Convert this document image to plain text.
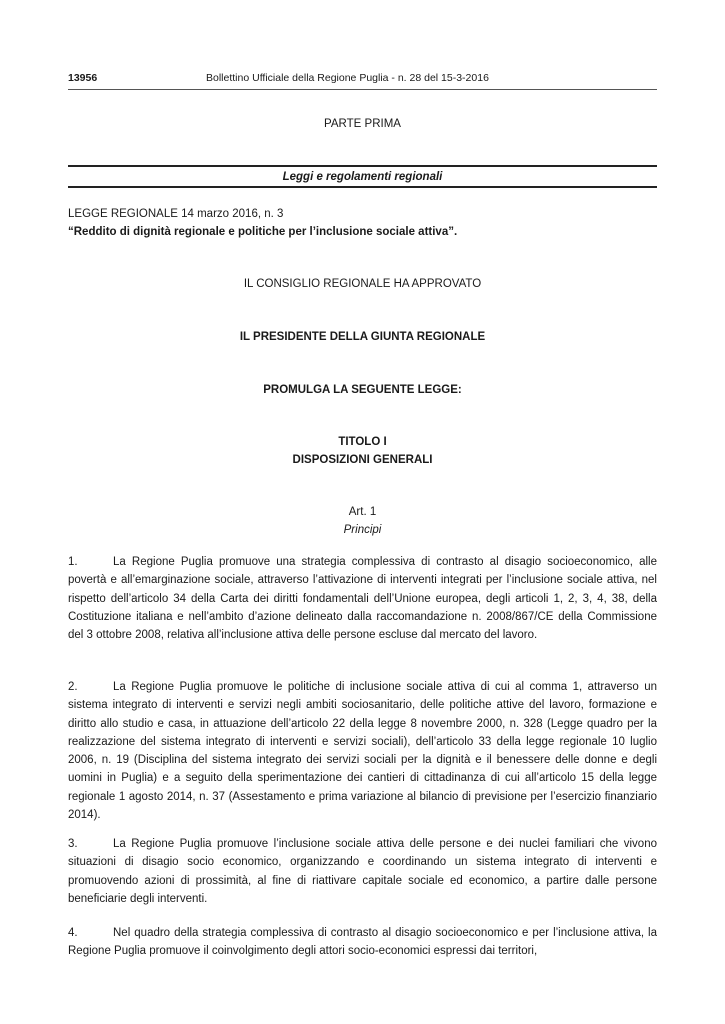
13956	Bollettino Ufficiale della Regione Puglia - n. 28 del 15-3-2016
PARTE PRIMA
Leggi e regolamenti regionali
LEGGE REGIONALE 14 marzo 2016, n. 3
“Reddito di dignità regionale e politiche per l’inclusione sociale attiva”.
IL CONSIGLIO REGIONALE HA APPROVATO
IL PRESIDENTE DELLA GIUNTA REGIONALE
PROMULGA LA SEGUENTE LEGGE:
TITOLO I
DISPOSIZIONI GENERALI
Art. 1
Principi
1.	La Regione Puglia promuove una strategia complessiva di contrasto al disagio socioeconomico, alle povertà e all’emarginazione sociale, attraverso l’attivazione di interventi integrati per l’inclusione sociale attiva, nel rispetto dell’articolo 34 della Carta dei diritti fondamentali dell’Unione europea, degli articoli 1, 2, 3, 4, 38, della Costituzione italiana e nell’ambito d’azione delineato dalla raccomandazione n. 2008/867/CE della Commissione del 3 ottobre 2008, relativa all’inclusione attiva delle persone escluse dal mercato del lavoro.
2.	La Regione Puglia promuove le politiche di inclusione sociale attiva di cui al comma 1, attraverso un sistema integrato di interventi e servizi negli ambiti sociosanitario, delle politiche attive del lavoro, formazione e diritto allo studio e casa, in attuazione dell’articolo 22 della legge 8 novembre 2000, n. 328 (Legge quadro per la realizzazione del sistema integrato di interventi e servizi sociali), dell’articolo 33 della legge regionale 10 luglio 2006, n. 19 (Disciplina del sistema integrato dei servizi sociali per la dignità e il benessere delle donne e degli uomini in Puglia) e a seguito della sperimentazione dei cantieri di cittadinanza di cui all’articolo 15 della legge regionale 1 agosto 2014, n. 37 (Assestamento e prima variazione al bilancio di previsione per l’esercizio finanziario 2014).
3.	La Regione Puglia promuove l’inclusione sociale attiva delle persone e dei nuclei familiari che vivono situazioni di disagio socio economico, organizzando e coordinando un sistema integrato di interventi e promuovendo azioni di prossimità, al fine di riattivare capitale sociale ed economico, a partire dalle persone beneficiarie degli interventi.
4.	Nel quadro della strategia complessiva di contrasto al disagio socioeconomico e per l’inclusione attiva, la Regione Puglia promuove il coinvolgimento degli attori socio-economici espressi dai territori,
